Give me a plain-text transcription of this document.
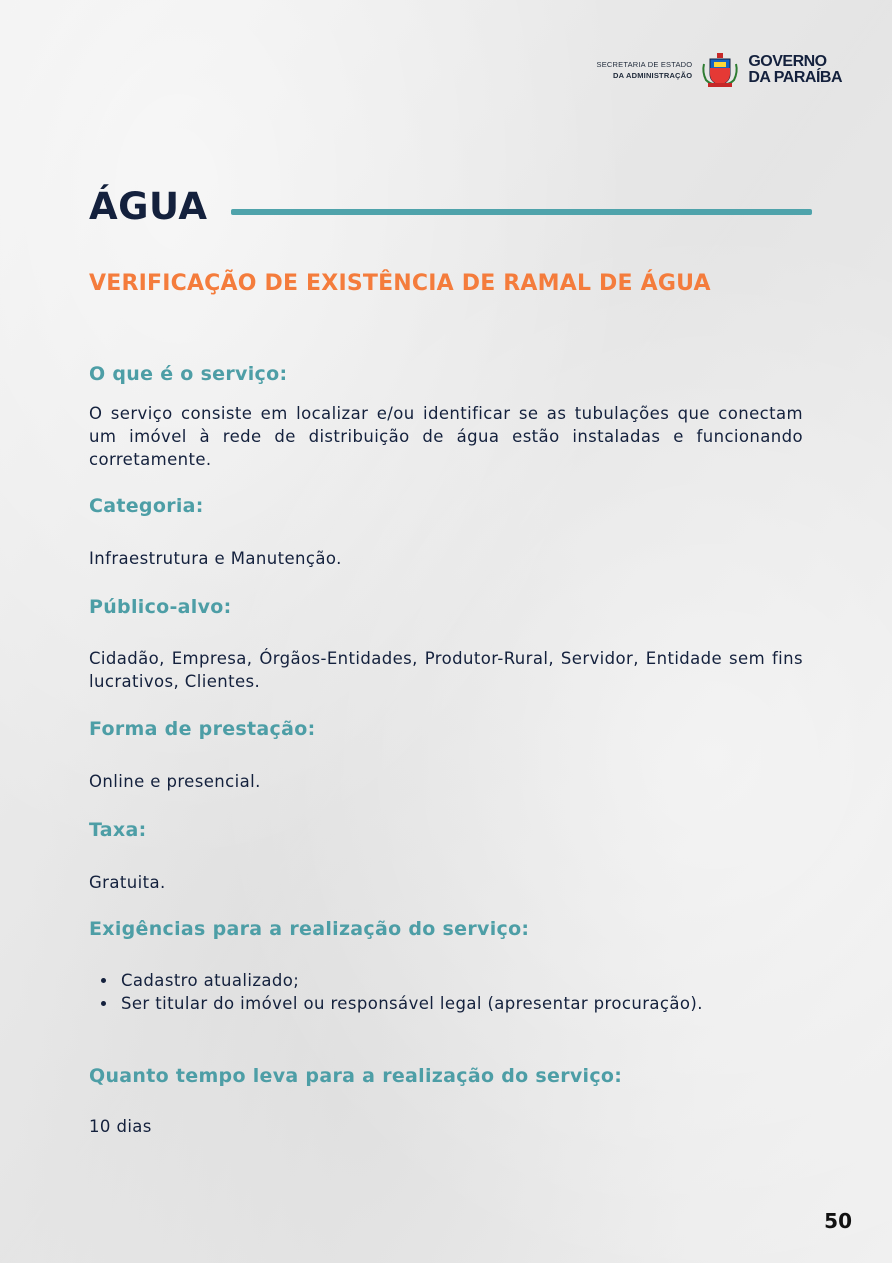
SECRETARIA DE ESTADO
DA ADMINISTRAÇÃO
GOVERNO
DA PARAÍBA
ÁGUA
VERIFICAÇÃO DE EXISTÊNCIA DE RAMAL DE ÁGUA
O que é o serviço:
O serviço consiste em localizar e/ou identificar se as tubulações que conectam um imóvel à rede de distribuição de água estão instaladas e funcionando corretamente.
Categoria:
Infraestrutura e Manutenção.
Público-alvo:
Cidadão, Empresa, Órgãos-Entidades, Produtor-Rural, Servidor, Entidade sem fins lucrativos, Clientes.
Forma de prestação:
Online e presencial.
Taxa:
Gratuita.
Exigências para a realização do serviço:
Cadastro atualizado;
Ser titular do imóvel ou responsável legal (apresentar procuração).
Quanto tempo leva para a realização do serviço:
10 dias
50
